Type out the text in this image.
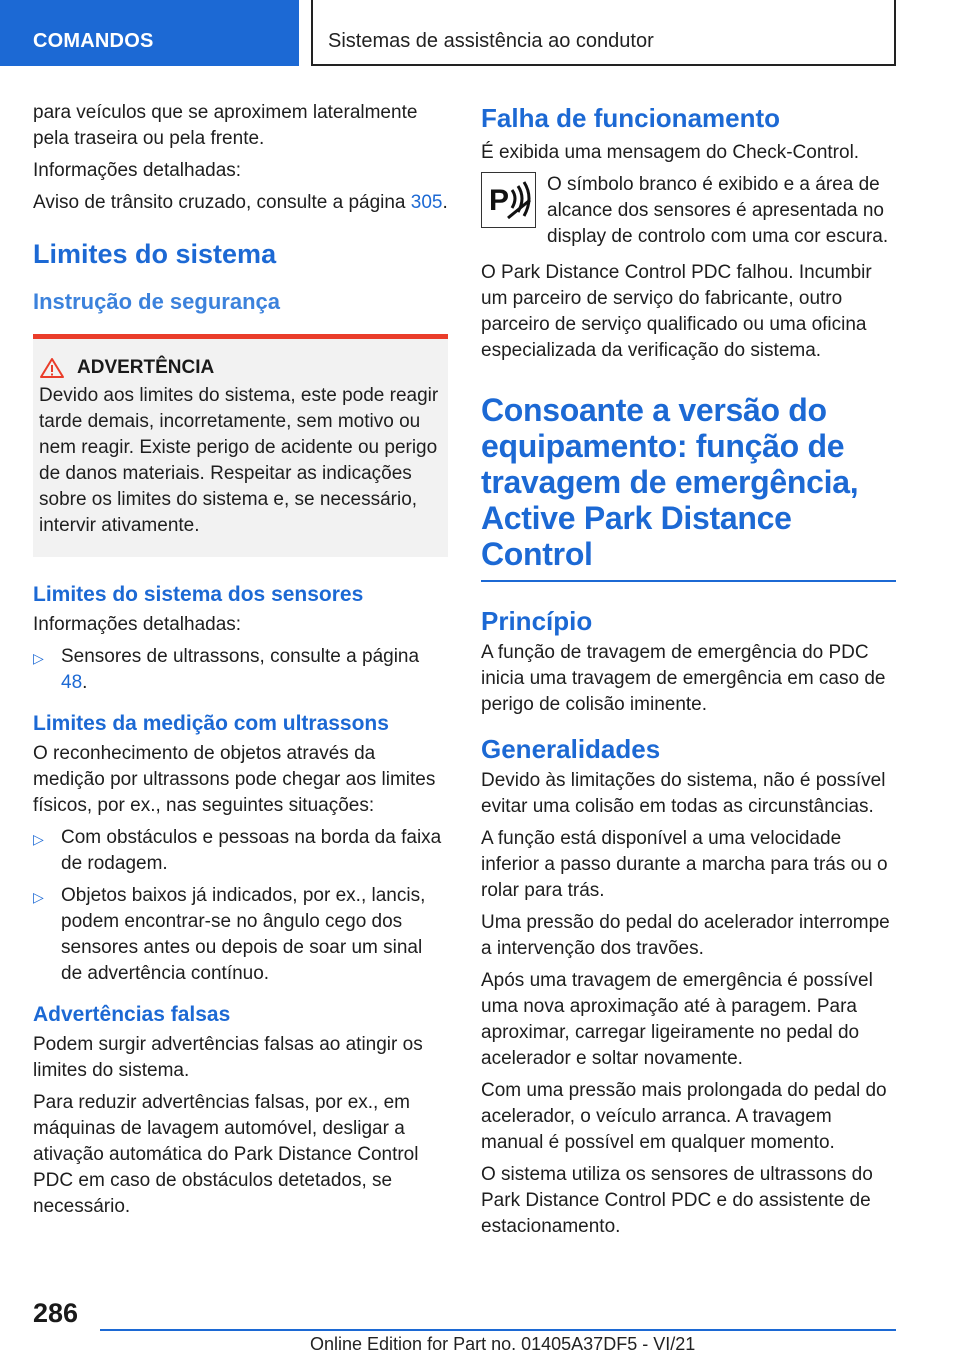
COMANDOS	Sistemas de assistência ao condutor

para veículos que se aproximem lateralmente pela traseira ou pela frente.

Informações detalhadas:

Aviso de trânsito cruzado, consulte a página 305.

Limites do sistema
Instrução de segurança
ADVERTÊNCIA

Devido aos limites do sistema, este pode reagir tarde demais, incorretamente, sem motivo ou nem reagir. Existe perigo de acidente ou perigo de danos materiais. Respeitar as indicações sobre os limites do sistema e, se necessário, intervir ativamente.

Limites do sistema dos sensores

Informações detalhadas:

▷ Sensores de ultrassons, consulte a página 48.
Limites da medição com ultrassons

O reconhecimento de objetos através da medição por ultrassons pode chegar aos limites físicos, por ex., nas seguintes situações:

▷ Com obstáculos e pessoas na borda da faixa de rodagem.
▷ Objetos baixos já indicados, por ex., lancis, podem encontrar-se no ângulo cego dos sensores antes ou depois de soar um sinal de advertência contínuo.
Advertências falsas

Podem surgir advertências falsas ao atingir os limites do sistema.

Para reduzir advertências falsas, por ex., em máquinas de lavagem automóvel, desligar a ativação automática do Park Distance Control PDC em caso de obstáculos detetados, se necessário.

Falha de funcionamento

É exibida uma mensagem do Check-Control.

P O símbolo branco é exibido e a área de alcance dos sensores é apresentada no display de controlo com uma cor escura.

O Park Distance Control PDC falhou. Incumbir um parceiro de serviço do fabricante, outro parceiro de serviço qualificado ou uma oficina especializada da verificação do sistema.

Consoante a versão do equipamento: função de travagem de emergência, Active Park Distance Control
Princípio

A função de travagem de emergência do PDC inicia uma travagem de emergência em caso de perigo de colisão iminente.

Generalidades

Devido às limitações do sistema, não é possível evitar uma colisão em todas as circunstâncias.

A função está disponível a uma velocidade inferior a passo durante a marcha para trás ou o rolar para trás.

Uma pressão do pedal do acelerador interrompe a intervenção dos travões.

Após uma travagem de emergência é possível uma nova aproximação até à paragem. Para aproximar, carregar ligeiramente no pedal do acelerador e soltar novamente.

Com uma pressão mais prolongada do pedal do acelerador, o veículo arranca. A travagem manual é possível em qualquer momento.

O sistema utiliza os sensores de ultrassons do Park Distance Control PDC e do assistente de estacionamento.

286
Online Edition for Part no. 01405A37DF5 - VI/21
